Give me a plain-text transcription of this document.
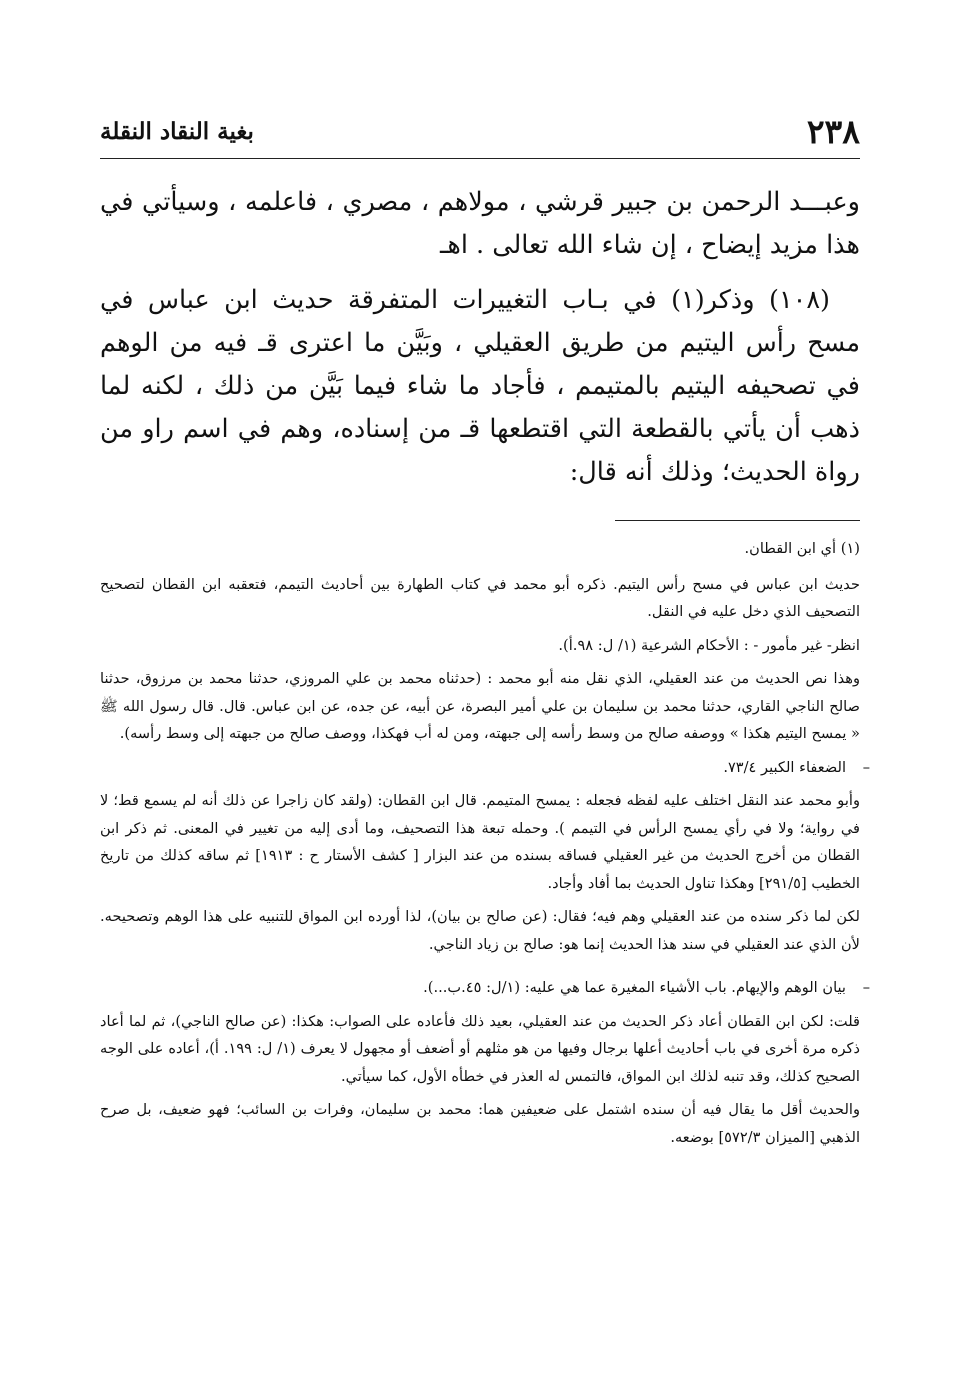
٢٣٨
بغية النقاد النقلة

وعبـــد الرحمن بن جبير قرشي ، مولاهم ، مصري ، فاعلمه ، وسيأتي في هذا مزيد إيضاح ، إن شاء الله تعالى . اهـ

(١٠٨) وذكر(١) في بـاب التغييرات المتفرقة حديث ابن عباس في مسح رأس اليتيم من طريق العقيلي ، وبَيَّن ما اعترى قـ فيه من الوهم في تصحيفه اليتيم بالمتيمم ، فأجاد ما شاء فيما بَيَّن من ذلك ، لكنه لما ذهب أن يأتي بالقطعة التي اقتطعها قـ من إسناده، وهم في اسم راو من رواة الحديث؛ وذلك أنه قال:

(١) أي ابن القطان.

حديث ابن عباس في مسح رأس اليتيم. ذكره أبو محمد في كتاب الطهارة بين أحاديث التيمم، فتعقبه ابن القطان لتصحيح التصحيف الذي دخل عليه في النقل.

انظر- غير مأمور - : الأحكام الشرعية (١/ ل: ٩٨.أ).

وهذا نص الحديث من عند العقيلي، الذي نقل منه أبو محمد : (حدثناه محمد بن علي المروزي، حدثنا محمد بن مرزوق، حدثنا صالح الناجي القاري، حدثنا محمد بن سليمان بن علي أمير البصرة، عن أبيه، عن جده، عن ابن عباس. قال. قال رسول الله ﷺ « يمسح اليتيم هكذا » ووصفه صالح من وسط رأسه إلى جبهته، ومن له أب فهكذا، ووصف صالح من جبهته إلى وسط رأسه).

– الضعفاء الكبير ٧٣/٤.

وأبو محمد عند النقل اختلف عليه لفظه فجعله : يمسح المتيمم. قال ابن القطان: (ولقد كان زاجرا عن ذلك أنه لم يسمع قط؛ لا في رواية؛ ولا في رأي يمسح الرأس في التيمم ). وحمله تبعة هذا التصحيف، وما أدى إليه من تغيير في المعنى. ثم ذكر ابن القطان من أخرج الحديث من غير العقيلي فساقه بسنده من عند البزار [ كشف الأستار ح : ١٩١٣] ثم ساقه كذلك من تاريخ الخطيب [٢٩١/٥] وهكذا تناول الحديث بما أفاد وأجاد.

لكن لما ذكر سنده من عند العقيلي وهم فيه؛ فقال: (عن صالح بن بيان)، لذا أورده ابن المواق للتنبيه على هذا الوهم وتصحيحه. لأن الذي عند العقيلي في سند هذا الحديث إنما هو: صالح بن زياد الناجي.

– بيان الوهم والإيهام. باب الأشياء المغيرة عما هي عليه: (١/ل: ٤٥.ب...).

قلت: لكن ابن القطان أعاد ذكر الحديث من عند العقيلي، بعيد ذلك فأعاده على الصواب: هكذا: (عن صالح الناجي)، ثم لما أعاد ذكره مرة أخرى في باب أحاديث أعلها برجال وفيها من هو مثلهم أو أضعف أو مجهول لا يعرف (١/ ل: ١٩٩. أ)، أعاده على الوجه الصحيح كذلك، وقد تنبه لذلك ابن المواق، فالتمس له العذر في خطأه الأول، كما سيأتي.

والحديث أقل ما يقال فيه أن سنده اشتمل على ضعيفين هما: محمد بن سليمان، وفرات بن السائب؛ فهو ضعيف، بل صرح الذهبي [الميزان ٥٧٢/٣] بوضعه.
